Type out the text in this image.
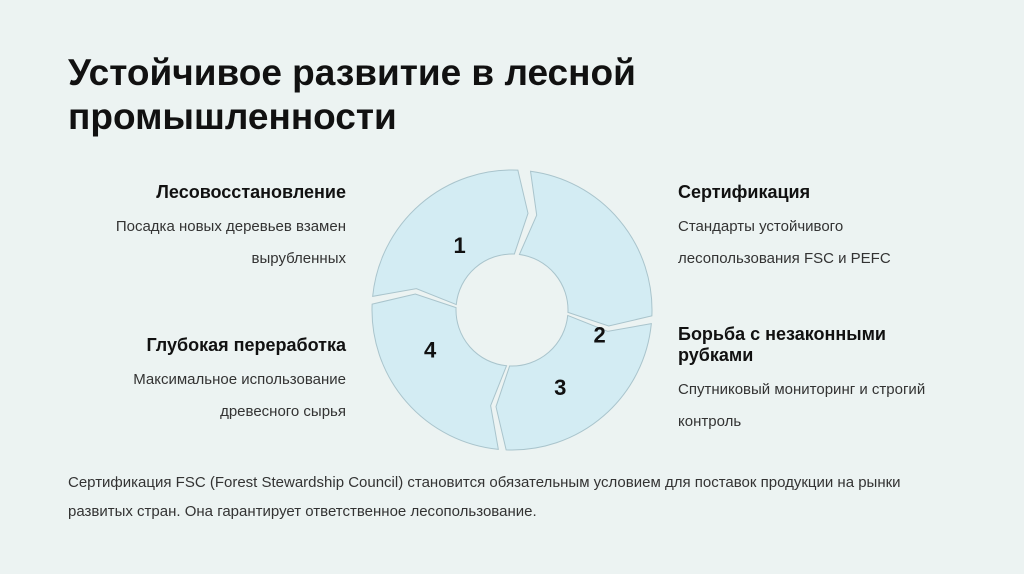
Устойчивое развитие в лесной промышленности

Лесовосстановление

Посадка новых деревьев взамен вырубленных

Глубокая переработка

Максимальное использование древесного сырья

Сертификация

Стандарты устойчивого лесопользования FSC и PEFC

Борьба с незаконными рубками

Спутниковый мониторинг и строгий контроль

1
2
3
4

Сертификация FSC (Forest Stewardship Council) становится обязательным условием для поставок продукции на рынки развитых стран. Она гарантирует ответственное лесопользование.
